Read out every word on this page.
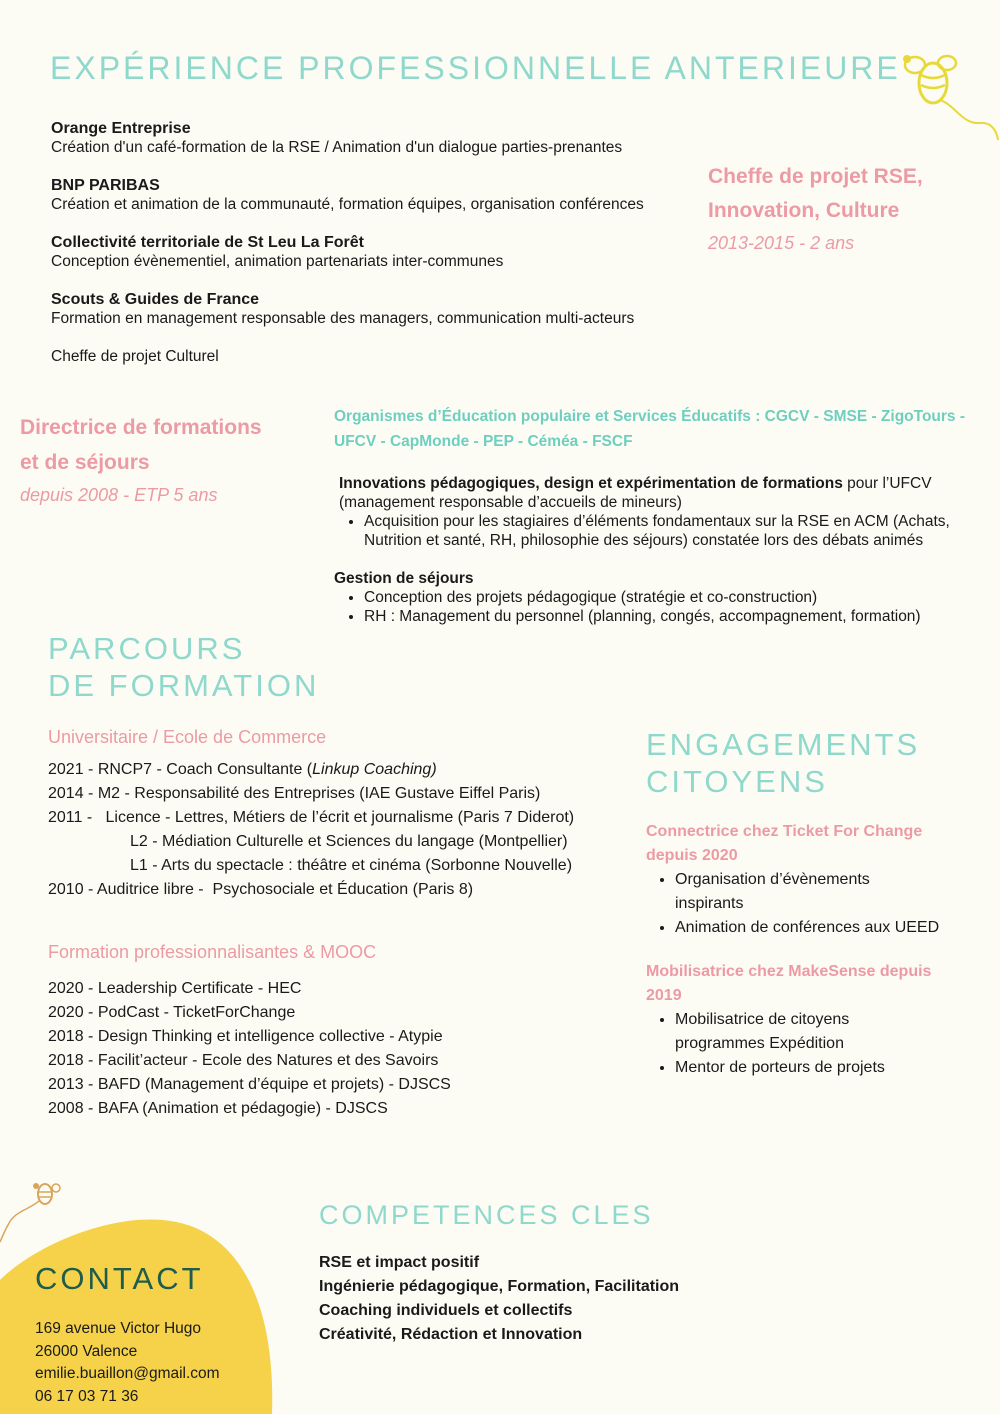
EXPÉRIENCE PROFESSIONNELLE ANTERIEURE
Orange Entreprise
Création d'un café-formation de la RSE / Animation d'un dialogue parties-prenantes
BNP PARIBAS
Création et animation de la communauté, formation équipes, organisation conférences
Collectivité territoriale de St Leu La Forêt
Conception évènementiel, animation partenariats inter-communes
Scouts & Guides de France
Formation en management responsable des managers, communication multi-acteurs
Cheffe de projet Culturel
Cheffe de projet RSE,
Innovation, Culture
2013-2015 - 2 ans
Directrice de formations
et de séjours
depuis 2008 - ETP 5 ans
Organismes d’Éducation populaire et Services Éducatifs : CGCV - SMSE - ZigoTours - UFCV - CapMonde - PEP - Céméa - FSCF
Innovations pédagogiques, design et expérimentation de formations pour l’UFCV (management responsable d’accueils de mineurs)
• Acquisition pour les stagiaires d’éléments fondamentaux sur la RSE en ACM (Achats, Nutrition et santé, RH, philosophie des séjours) constatée lors des débats animés
Gestion de séjours
• Conception des projets pédagogique (stratégie et co-construction)
• RH : Management du personnel (planning, congés, accompagnement, formation)
PARCOURS
DE FORMATION
Universitaire / Ecole de Commerce
2021 - RNCP7 - Coach Consultante (Linkup Coaching)
2014 - M2 - Responsabilité des Entreprises (IAE Gustave Eiffel Paris)
2011 -   Licence - Lettres, Métiers de l’écrit et journalisme (Paris 7 Diderot)
L2 - Médiation Culturelle et Sciences du langage (Montpellier)
L1 - Arts du spectacle : théâtre et cinéma (Sorbonne Nouvelle)
2010 - Auditrice libre -  Psychosociale et Éducation (Paris 8)
Formation professionnalisantes & MOOC
2020 - Leadership Certificate - HEC
2020 - PodCast - TicketForChange
2018 - Design Thinking et intelligence collective - Atypie
2018 - Facilit’acteur - Ecole des Natures et des Savoirs
2013 - BAFD (Management d’équipe et projets) - DJSCS
2008 - BAFA (Animation et pédagogie) - DJSCS
ENGAGEMENTS
CITOYENS
Connectrice chez Ticket For Change
depuis 2020
• Organisation d’évènements inspirants
• Animation de conférences aux UEED
Mobilisatrice chez MakeSense depuis
2019
• Mobilisatrice de citoyens programmes Expédition
• Mentor de porteurs de projets
COMPETENCES CLES
RSE et impact positif
Ingénierie pédagogique, Formation, Facilitation
Coaching individuels et collectifs
Créativité, Rédaction et Innovation
CONTACT
169 avenue Victor Hugo
26000 Valence
emilie.buaillon@gmail.com
06 17 03 71 36
